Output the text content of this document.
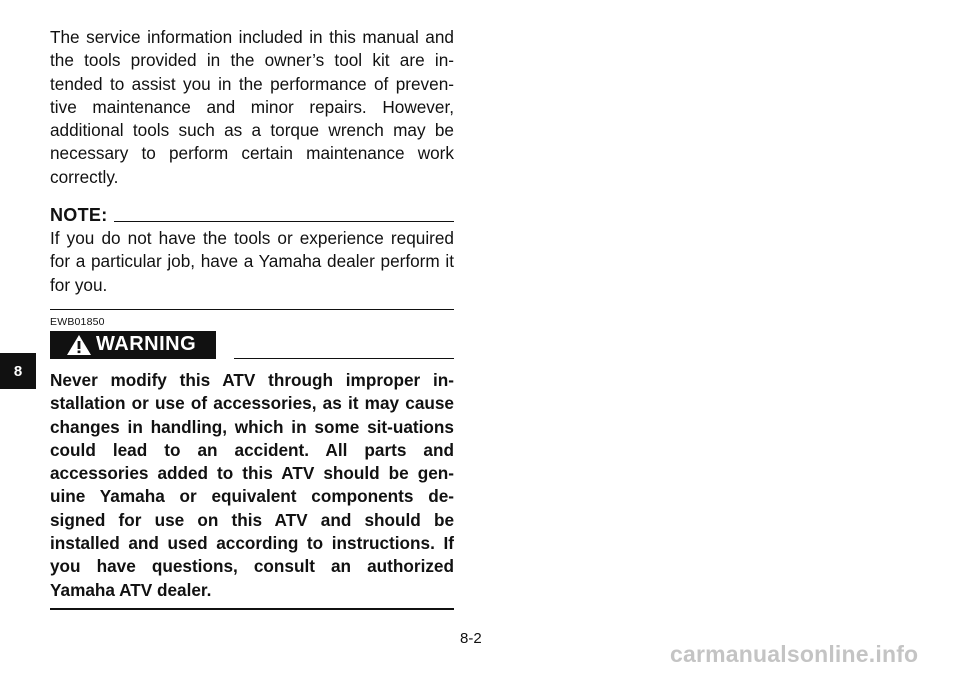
8

The service information included in this manual and the tools provided in the owner’s tool kit are in-tended to assist you in the performance of preven-tive maintenance and minor repairs. However, additional tools such as a torque wrench may be necessary to perform certain maintenance work correctly.

NOTE:

If you do not have the tools or experience required for a particular job, have a Yamaha dealer perform it for you.

EWB01850
WARNING

Never modify this ATV through improper in-stallation or use of accessories, as it may cause changes in handling, which in some sit-uations could lead to an accident. All parts and accessories added to this ATV should be gen-uine Yamaha or equivalent components de-signed for use on this ATV and should be installed and used according to instructions. If you have questions, consult an authorized Yamaha ATV dealer.

8-2
carmanualsonline.info
